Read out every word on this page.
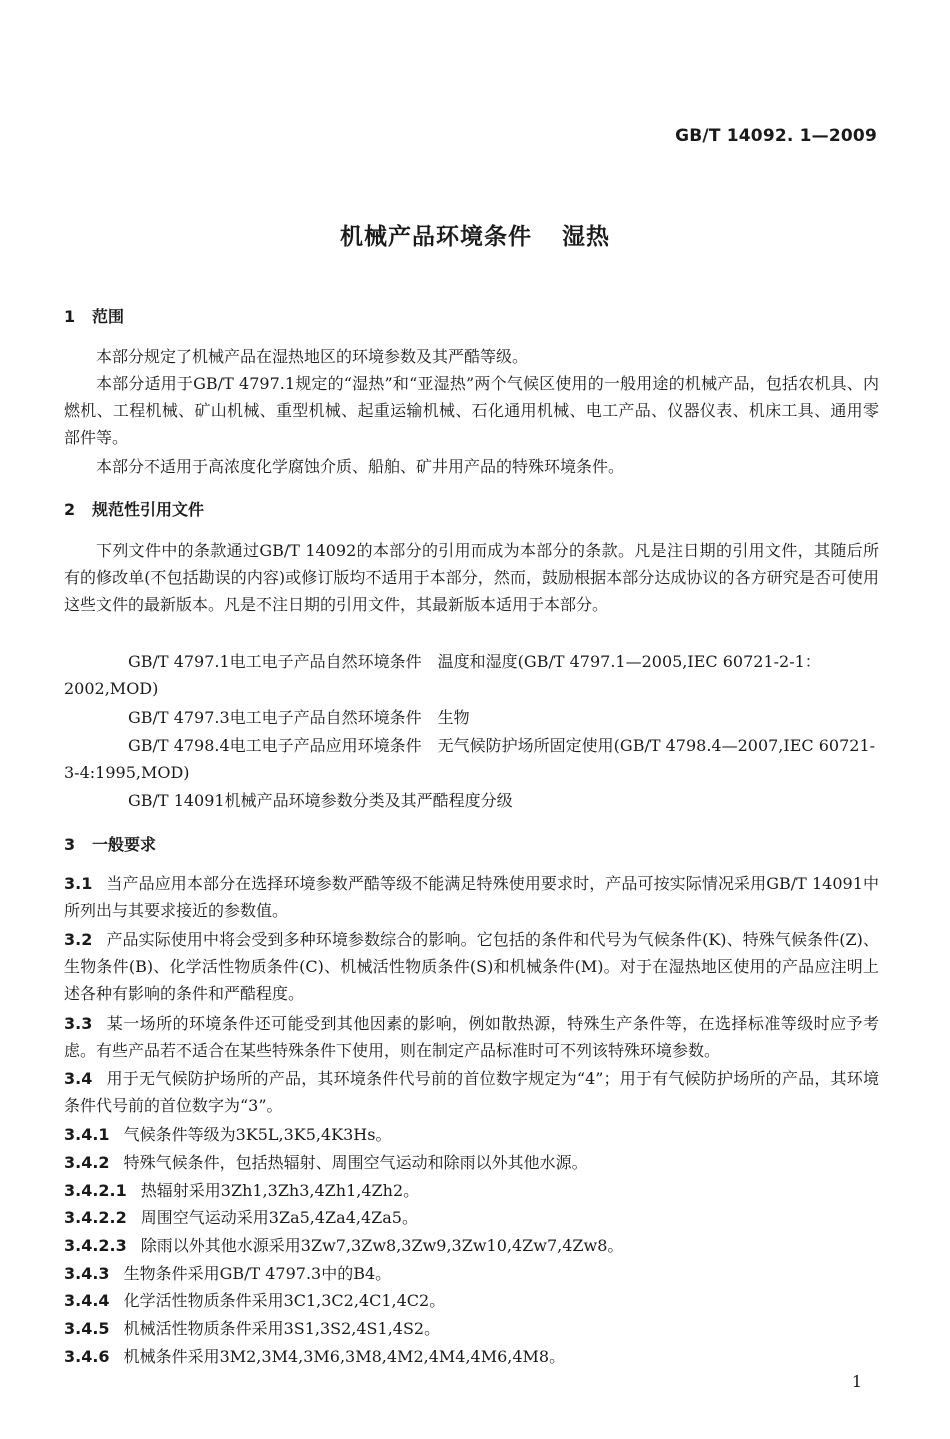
GB/T 14092. 1—2009
机械产品环境条件 湿热
1 范围
本部分规定了机械产品在湿热地区的环境参数及其严酷等级。
本部分适用于GB/T 4797.1规定的“湿热”和“亚湿热”两个气候区使用的一般用途的机械产品，包括农机具、内燃机、工程机械、矿山机械、重型机械、起重运输机械、石化通用机械、电工产品、仪器仪表、机床工具、通用零部件等。
本部分不适用于高浓度化学腐蚀介质、船舶、矿井用产品的特殊环境条件。
2 规范性引用文件
下列文件中的条款通过GB/T 14092的本部分的引用而成为本部分的条款。凡是注日期的引用文件，其随后所有的修改单(不包括勘误的内容)或修订版均不适用于本部分，然而，鼓励根据本部分达成协议的各方研究是否可使用这些文件的最新版本。凡是不注日期的引用文件，其最新版本适用于本部分。
GB/T 4797.1电工电子产品自然环境条件　温度和湿度(GB/T 4797.1—2005,IEC 60721-2-1：2002,MOD)
GB/T 4797.3电工电子产品自然环境条件　生物
GB/T 4798.4电工电子产品应用环境条件　无气候防护场所固定使用(GB/T 4798.4—2007,IEC 60721-3-4:1995,MOD)
GB/T 14091机械产品环境参数分类及其严酷程度分级
3 一般要求
3.1 当产品应用本部分在选择环境参数严酷等级不能满足特殊使用要求时，产品可按实际情况采用GB/T 14091中所列出与其要求接近的参数值。
3.2 产品实际使用中将会受到多种环境参数综合的影响。它包括的条件和代号为气候条件(K)、特殊气候条件(Z)、生物条件(B)、化学活性物质条件(C)、机械活性物质条件(S)和机械条件(M)。对于在湿热地区使用的产品应注明上述各种有影响的条件和严酷程度。
3.3 某一场所的环境条件还可能受到其他因素的影响，例如散热源，特殊生产条件等，在选择标准等级时应予考虑。有些产品若不适合在某些特殊条件下使用，则在制定产品标准时可不列该特殊环境参数。
3.4 用于无气候防护场所的产品，其环境条件代号前的首位数字规定为“4”；用于有气候防护场所的产品，其环境条件代号前的首位数字为“3”。
3.4.1 气候条件等级为3K5L,3K5,4K3Hs。
3.4.2 特殊气候条件，包括热辐射、周围空气运动和除雨以外其他水源。
3.4.2.1 热辐射采用3Zh1,3Zh3,4Zh1,4Zh2。
3.4.2.2 周围空气运动采用3Za5,4Za4,4Za5。
3.4.2.3 除雨以外其他水源采用3Zw7,3Zw8,3Zw9,3Zw10,4Zw7,4Zw8。
3.4.3 生物条件采用GB/T 4797.3中的B4。
3.4.4 化学活性物质条件采用3C1,3C2,4C1,4C2。
3.4.5 机械活性物质条件采用3S1,3S2,4S1,4S2。
3.4.6 机械条件采用3M2,3M4,3M6,3M8,4M2,4M4,4M6,4M8。
1
